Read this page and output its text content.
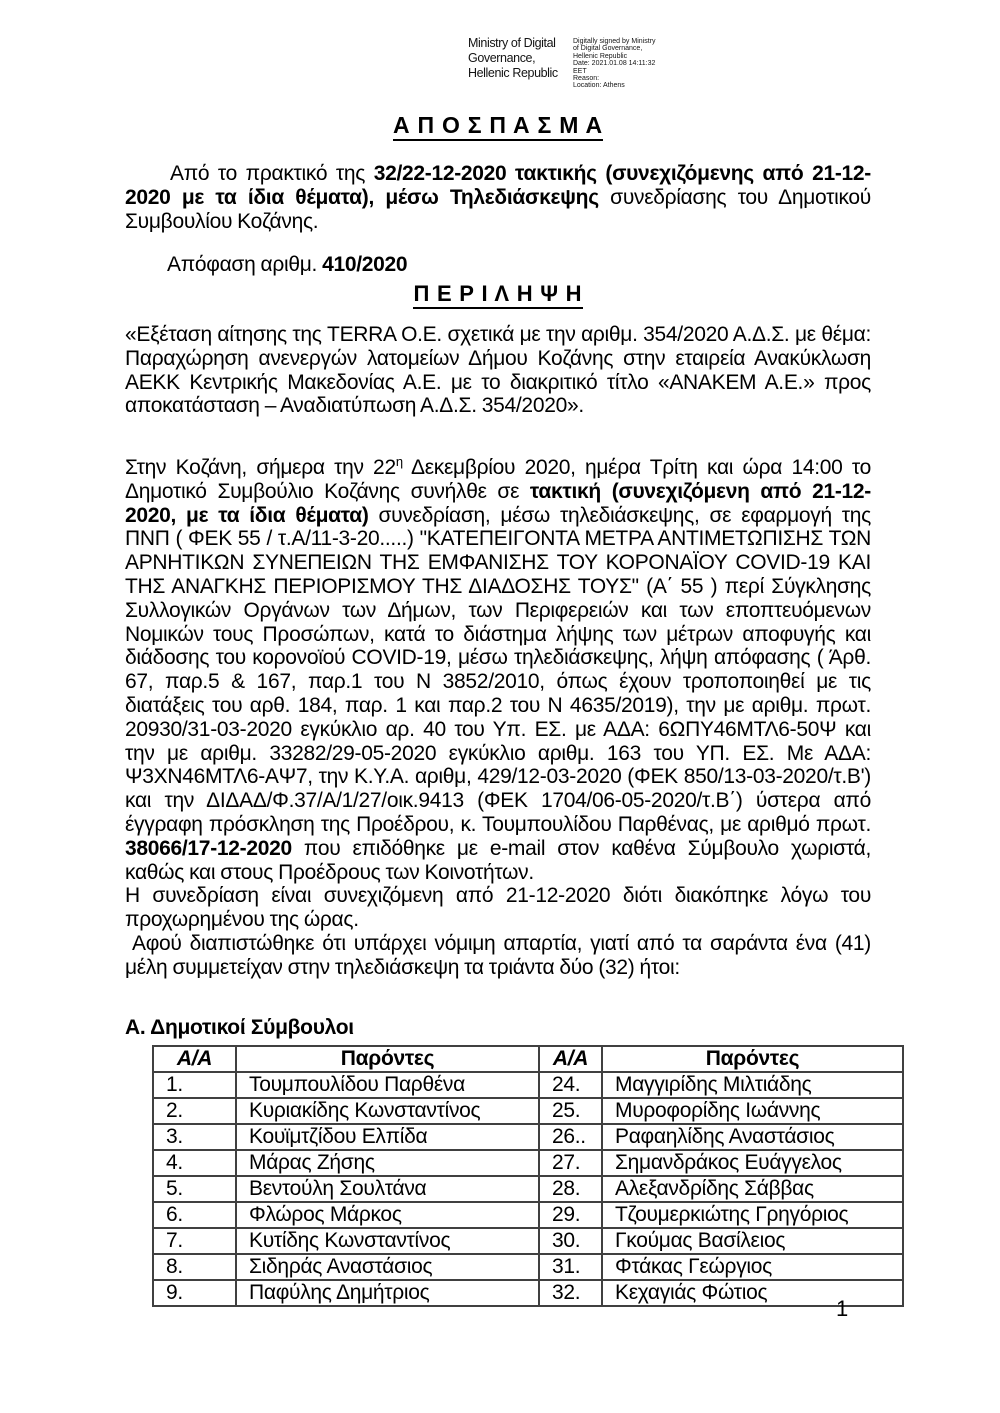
Ministry of Digital Governance, Hellenic Republic
Digitally signed by Ministry
of Digital Governance,
Hellenic Republic
Date: 2021.01.08 14:11:32
EET
Reason:
Location: Athens
Α Π Ο Σ Π Α Σ Μ Α

Από το πρακτικό της 32/22-12-2020 τακτικής (συνεχιζόμενης από 21-12-2020 με τα ίδια θέματα), μέσω Τηλεδιάσκεψης συνεδρίασης του Δημοτικού Συμβουλίου Κοζάνης.

Απόφαση αριθμ. 410/2020
Π Ε Ρ Ι Λ Η Ψ Η

«Εξέταση αίτησης της TERRA Ο.Ε. σχετικά με την αριθμ. 354/2020 Α.Δ.Σ. με θέμα: Παραχώρηση ανενεργών λατομείων Δήμου Κοζάνης στην εταιρεία Ανακύκλωση ΑΕΚΚ Κεντρικής Μακεδονίας Α.Ε. με το διακριτικό τίτλο «ΑΝΑΚΕΜ Α.Ε.» προς αποκατάσταση – Αναδιατύπωση Α.Δ.Σ. 354/2020».

Στην Κοζάνη, σήμερα την $22^\eta$ Δεκεμβρίου 2020, ημέρα Τρίτη και ώρα 14:00 το Δημοτικό Συμβούλιο Κοζάνης συνήλθε σε τακτική (συνεχιζόμενη από 21-12-2020, με τα ίδια θέματα) συνεδρίαση, μέσω τηλεδιάσκεψης, σε εφαρμογή της ΠΝΠ ( ΦΕΚ 55 / τ.Α/11-3-20.....) "ΚΑΤΕΠΕΙΓΟΝΤΑ ΜΕΤΡΑ ΑΝΤΙΜΕΤΩΠΙΣΗΣ ΤΩΝ ΑΡΝΗΤΙΚΩΝ ΣΥΝΕΠΕΙΩΝ ΤΗΣ ΕΜΦΑΝΙΣΗΣ ΤΟΥ ΚΟΡΟΝΑΪΟΥ COVID-19 ΚΑΙ ΤΗΣ ΑΝΑΓΚΗΣ ΠΕΡΙΟΡΙΣΜΟΥ ΤΗΣ ΔΙΑΔΟΣΗΣ ΤΟΥΣ" (Α΄ 55 ) περί Σύγκλησης Συλλογικών Οργάνων των Δήμων, των Περιφερειών και των εποπτευόμενων Νομικών τους Προσώπων, κατά το διάστημα λήψης των μέτρων αποφυγής και διάδοσης του κορονοϊού COVID-19, μέσω τηλεδιάσκεψης, λήψη απόφασης ( Άρθ. 67, παρ.5 & 167, παρ.1 του Ν 3852/2010, όπως έχουν τροποποιηθεί με τις διατάξεις του αρθ. 184, παρ. 1 και παρ.2 του Ν 4635/2019), την με αριθμ. πρωτ. 20930/31-03-2020 εγκύκλιο αρ. 40 του Υπ. ΕΣ. με ΑΔΑ: 6ΩΠΥ46ΜΤΛ6-50Ψ και την με αριθμ. 33282/29-05-2020 εγκύκλιο αριθμ. 163 του ΥΠ. ΕΣ. Με ΑΔΑ: Ψ3ΧΝ46ΜΤΛ6-ΑΨ7, την Κ.Υ.Α. αριθμ, 429/12-03-2020 (ΦΕΚ 850/13-03-2020/τ.Β') και την ΔΙΔΑΔ/Φ.37/Α/1/27/οικ.9413 (ΦΕΚ 1704/06-05-2020/τ.Β΄) ύστερα από έγγραφη πρόσκληση της Προέδρου, κ. Τουμπουλίδου Παρθένας, με αριθμό πρωτ. 38066/17-12-2020 που επιδόθηκε με e-mail στον καθένα Σύμβουλο χωριστά, καθώς και στους Προέδρους των Κοινοτήτων.

Η συνεδρίαση είναι συνεχιζόμενη από 21-12-2020 διότι διακόπηκε λόγω του προχωρημένου της ώρας.

Αφού διαπιστώθηκε ότι υπάρχει νόμιμη απαρτία, γιατί από τα σαράντα ένα (41) μέλη συμμετείχαν στην τηλεδιάσκεψη τα τριάντα δύο (32) ήτοι:

Α. Δημοτικοί Σύμβουλοι
Α/Α	Παρόντες	Α/Α	Παρόντες
1.	Τουμπουλίδου Παρθένα	24.	Μαγγιρίδης Μιλτιάδης
2.	Κυριακίδης Κωνσταντίνος	25.	Μυροφορίδης Ιωάννης
3.	Κουϊμτζίδου Ελπίδα	26..	Ραφαηλίδης Αναστάσιος
4.	Μάρας Ζήσης	27.	Σημανδράκος Ευάγγελος
5.	Βεντούλη Σουλτάνα	28.	Αλεξανδρίδης Σάββας
6.	Φλώρος Μάρκος	29.	Τζουμερκιώτης Γρηγόριος
7.	Κυτίδης Κωνσταντίνος	30.	Γκούμας Βασίλειος
8.	Σιδηράς Αναστάσιος	31.	Φτάκας Γεώργιος
9.	Παφύλης Δημήτριος	32.	Κεχαγιάς Φώτιος
1
